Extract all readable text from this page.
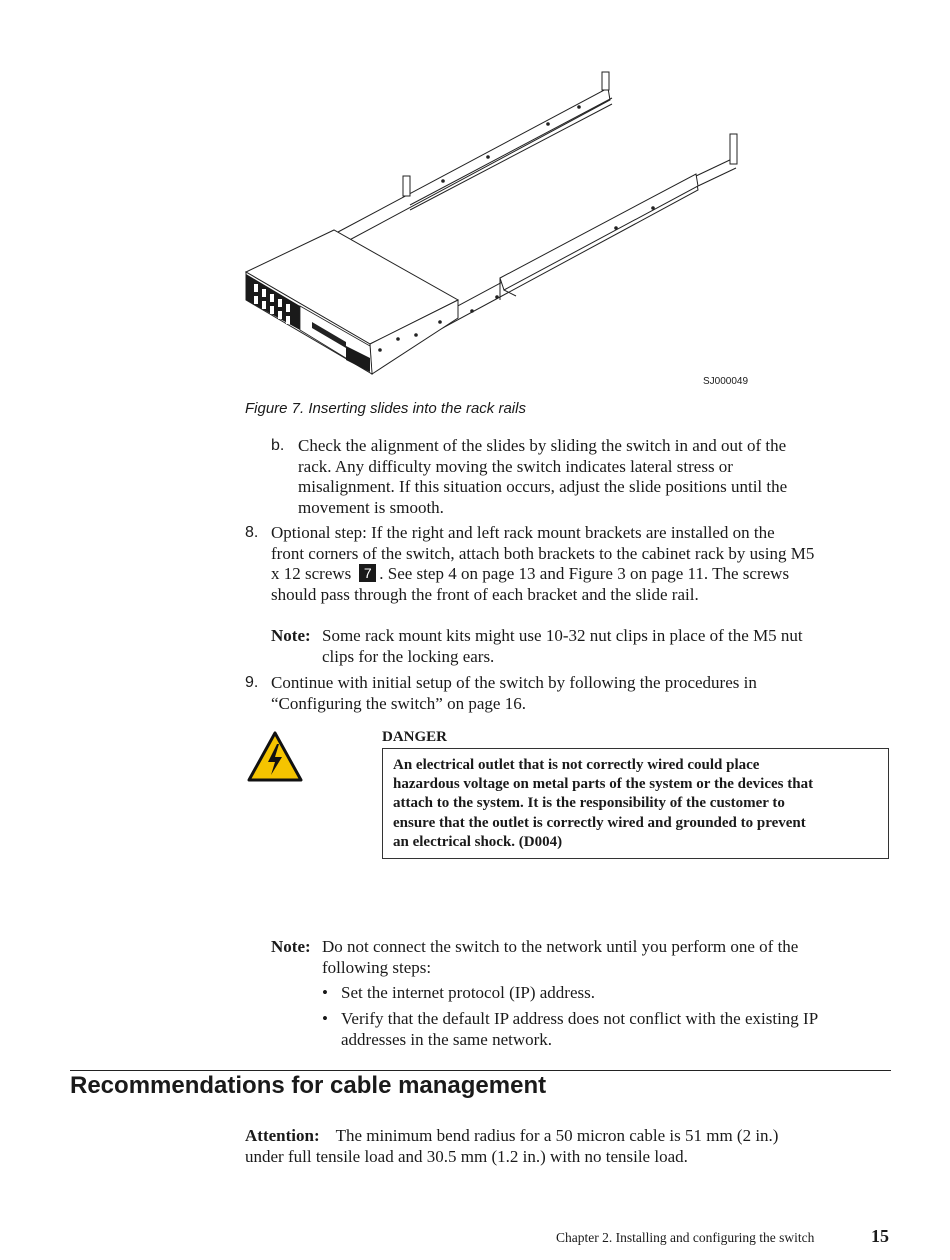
SJ000049
Figure 7. Inserting slides into the rack rails
b. Check the alignment of the slides by sliding the switch in and out of the
rack. Any difficulty moving the switch indicates lateral stress or
misalignment. If this situation occurs, adjust the slide positions until the
movement is smooth.
8. Optional step: If the right and left rack mount brackets are installed on the
front corners of the switch, attach both brackets to the cabinet rack by using M5
x 12 screws 7 . See step 4 on page 13 and Figure 3 on page 11. The screws
should pass through the front of each bracket and the slide rail.
Note: Some rack mount kits might use 10-32 nut clips in place of the M5 nut
clips for the locking ears.
9. Continue with initial setup of the switch by following the procedures in
“Configuring the switch” on page 16.
DANGER
An electrical outlet that is not correctly wired could place
hazardous voltage on metal parts of the system or the devices that
attach to the system. It is the responsibility of the customer to
ensure that the outlet is correctly wired and grounded to prevent
an electrical shock. (D004)
Note: Do not connect the switch to the network until you perform one of the
following steps:
• Set the internet protocol (IP) address.
• Verify that the default IP address does not conflict with the existing IP
addresses in the same network.
Recommendations for cable management
Attention: The minimum bend radius for a 50 micron cable is 51 mm (2 in.)
under full tensile load and 30.5 mm (1.2 in.) with no tensile load.
Chapter 2. Installing and configuring the switch	15
